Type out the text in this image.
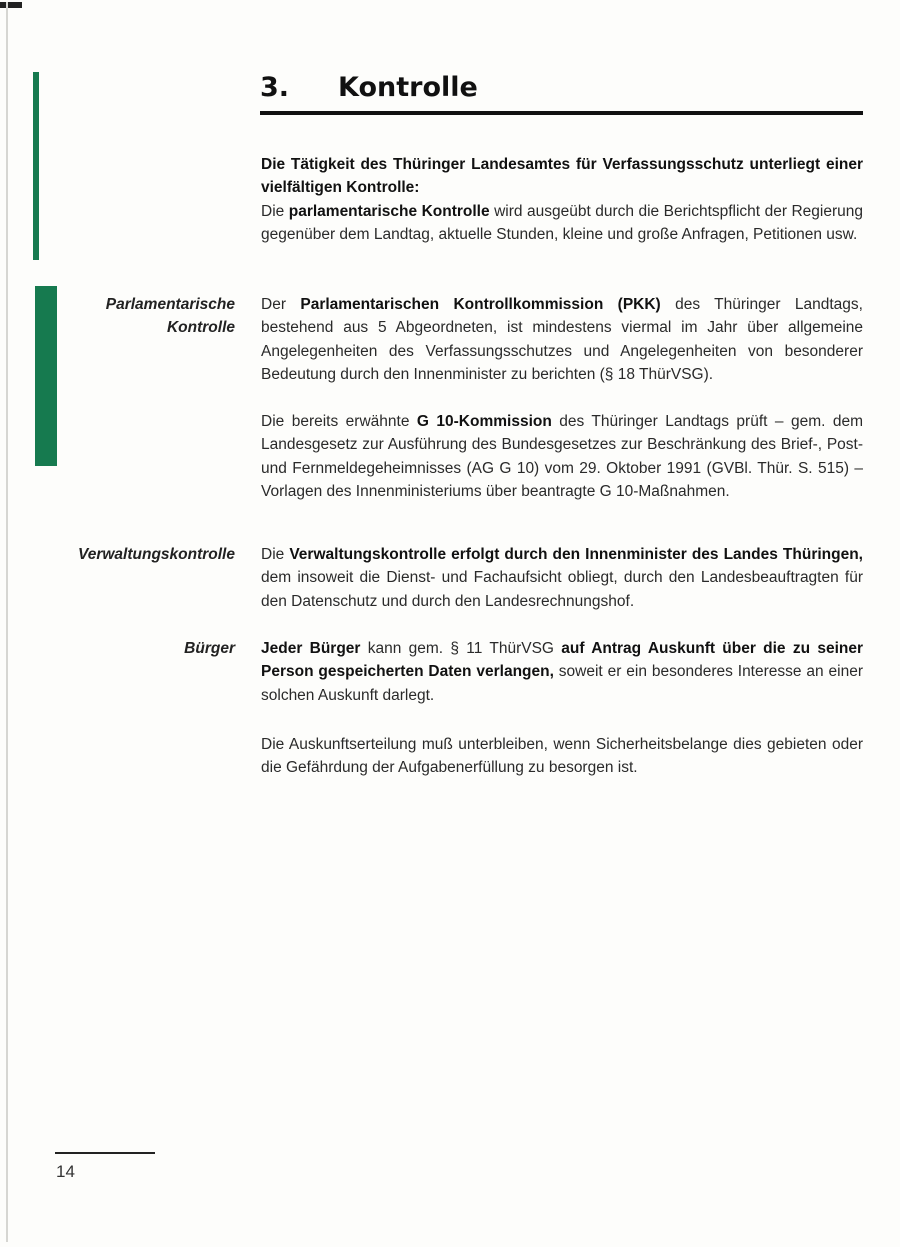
3. Kontrolle

Die Tätigkeit des Thüringer Landesamtes für Verfassungsschutz unterliegt einer vielfältigen Kontrolle:

Die parlamentarische Kontrolle wird ausgeübt durch die Berichtspflicht der Regierung gegenüber dem Landtag, aktuelle Stunden, kleine und große Anfragen, Petitionen usw.

Parlamentarische
Kontrolle

Der Parlamentarischen Kontrollkommission (PKK) des Thüringer Landtags, bestehend aus 5 Abgeordneten, ist mindestens viermal im Jahr über allgemeine Angelegenheiten des Verfassungsschutzes und Angelegenheiten von besonderer Bedeutung durch den Innenminister zu berichten (§ 18 ThürVSG).

Die bereits erwähnte G 10-Kommission des Thüringer Landtags prüft – gem. dem Landesgesetz zur Ausführung des Bundesgesetzes zur Beschränkung des Brief-, Post- und Fernmeldegeheimnisses (AG G 10) vom 29. Oktober 1991 (GVBl. Thür. S. 515) – Vorlagen des Innenministeriums über beantragte G 10-Maßnahmen.

Verwaltungskontrolle Die Verwaltungskontrolle erfolgt durch den Innenminister des Landes Thüringen, dem insoweit die Dienst- und Fachaufsicht obliegt, durch den Landesbeauftragten für den Datenschutz und durch den Landesrechnungshof.

Bürger Jeder Bürger kann gem. § 11 ThürVSG auf Antrag Auskunft über die zu seiner Person gespeicherten Daten verlangen, soweit er ein besonderes Interesse an einer solchen Auskunft darlegt.

Die Auskunftserteilung muß unterbleiben, wenn Sicherheitsbelange dies gebieten oder die Gefährdung der Aufgabenerfüllung zu besorgen ist.

14
